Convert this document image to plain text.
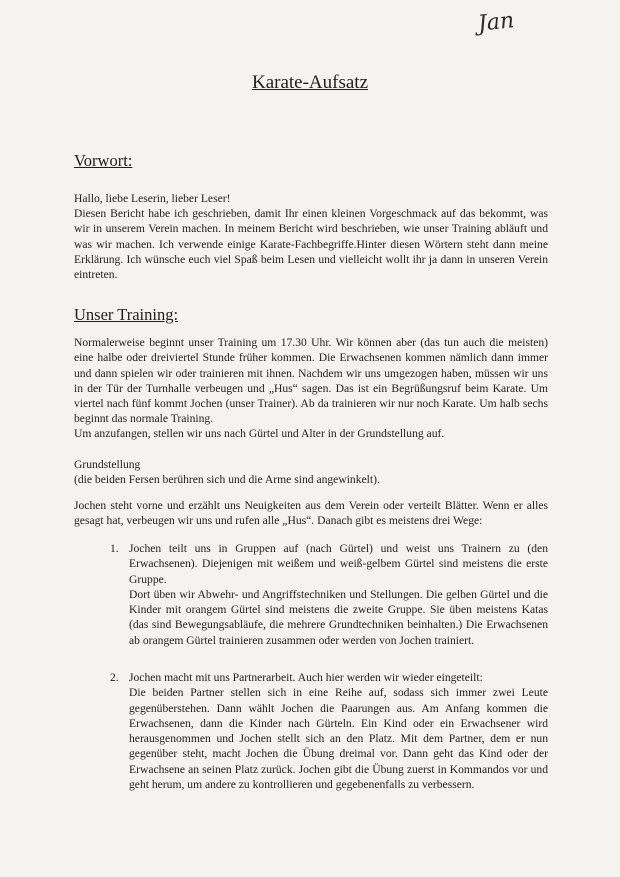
Jan
Karate-Aufsatz
Vorwort:

Hallo, liebe Leserin, lieber Leser!

Diesen Bericht habe ich geschrieben, damit Ihr einen kleinen Vorgeschmack auf das bekommt, was wir in unserem Verein machen. In meinem Bericht wird beschrieben, wie unser Training abläuft und was wir machen. Ich verwende einige Karate-Fachbegriffe.Hinter diesen Wörtern steht dann meine Erklärung. Ich wünsche euch viel Spaß beim Lesen und vielleicht wollt ihr ja dann in unseren Verein eintreten.

Unser Training:

Normalerweise beginnt unser Training um 17.30 Uhr. Wir können aber (das tun auch die meisten) eine halbe oder dreiviertel Stunde früher kommen. Die Erwachsenen kommen nämlich dann immer und dann spielen wir oder trainieren mit ihnen. Nachdem wir uns umgezogen haben, müssen wir uns in der Tür der Turnhalle verbeugen und „Hus“ sagen. Das ist ein Begrüßungsruf beim Karate. Um viertel nach fünf kommt Jochen (unser Trainer). Ab da trainieren wir nur noch Karate. Um halb sechs beginnt das normale Training.

Um anzufangen, stellen wir uns nach Gürtel und Alter in der Grundstellung auf.

Grundstellung

(die beiden Fersen berühren sich und die Arme sind angewinkelt).

Jochen steht vorne und erzählt uns Neuigkeiten aus dem Verein oder verteilt Blätter. Wenn er alles gesagt hat, verbeugen wir uns und rufen alle „Hus“. Danach gibt es meistens drei Wege:

1. Jochen teilt uns in Gruppen auf (nach Gürtel) und weist uns Trainern zu (den Erwachsenen). Diejenigen mit weißem und weiß-gelbem Gürtel sind meistens die erste Gruppe.
Dort üben wir Abwehr- und Angriffstechniken und Stellungen. Die gelben Gürtel und die Kinder mit orangem Gürtel sind meistens die zweite Gruppe. Sie üben meistens Katas (das sind Bewegungsabläufe, die mehrere Grundtechniken beinhalten.) Die Erwachsenen ab orangem Gürtel trainieren zusammen oder werden von Jochen trainiert.
2. Jochen macht mit uns Partnerarbeit. Auch hier werden wir wieder eingeteilt:
Die beiden Partner stellen sich in eine Reihe auf, sodass sich immer zwei Leute gegenüberstehen. Dann wählt Jochen die Paarungen aus. Am Anfang kommen die Erwachsenen, dann die Kinder nach Gürteln. Ein Kind oder ein Erwachsener wird herausgenommen und Jochen stellt sich an den Platz. Mit dem Partner, dem er nun gegenüber steht, macht Jochen die Übung dreimal vor. Dann geht das Kind oder der Erwachsene an seinen Platz zurück. Jochen gibt die Übung zuerst in Kommandos vor und geht herum, um andere zu kontrollieren und gegebenenfalls zu verbessern.
